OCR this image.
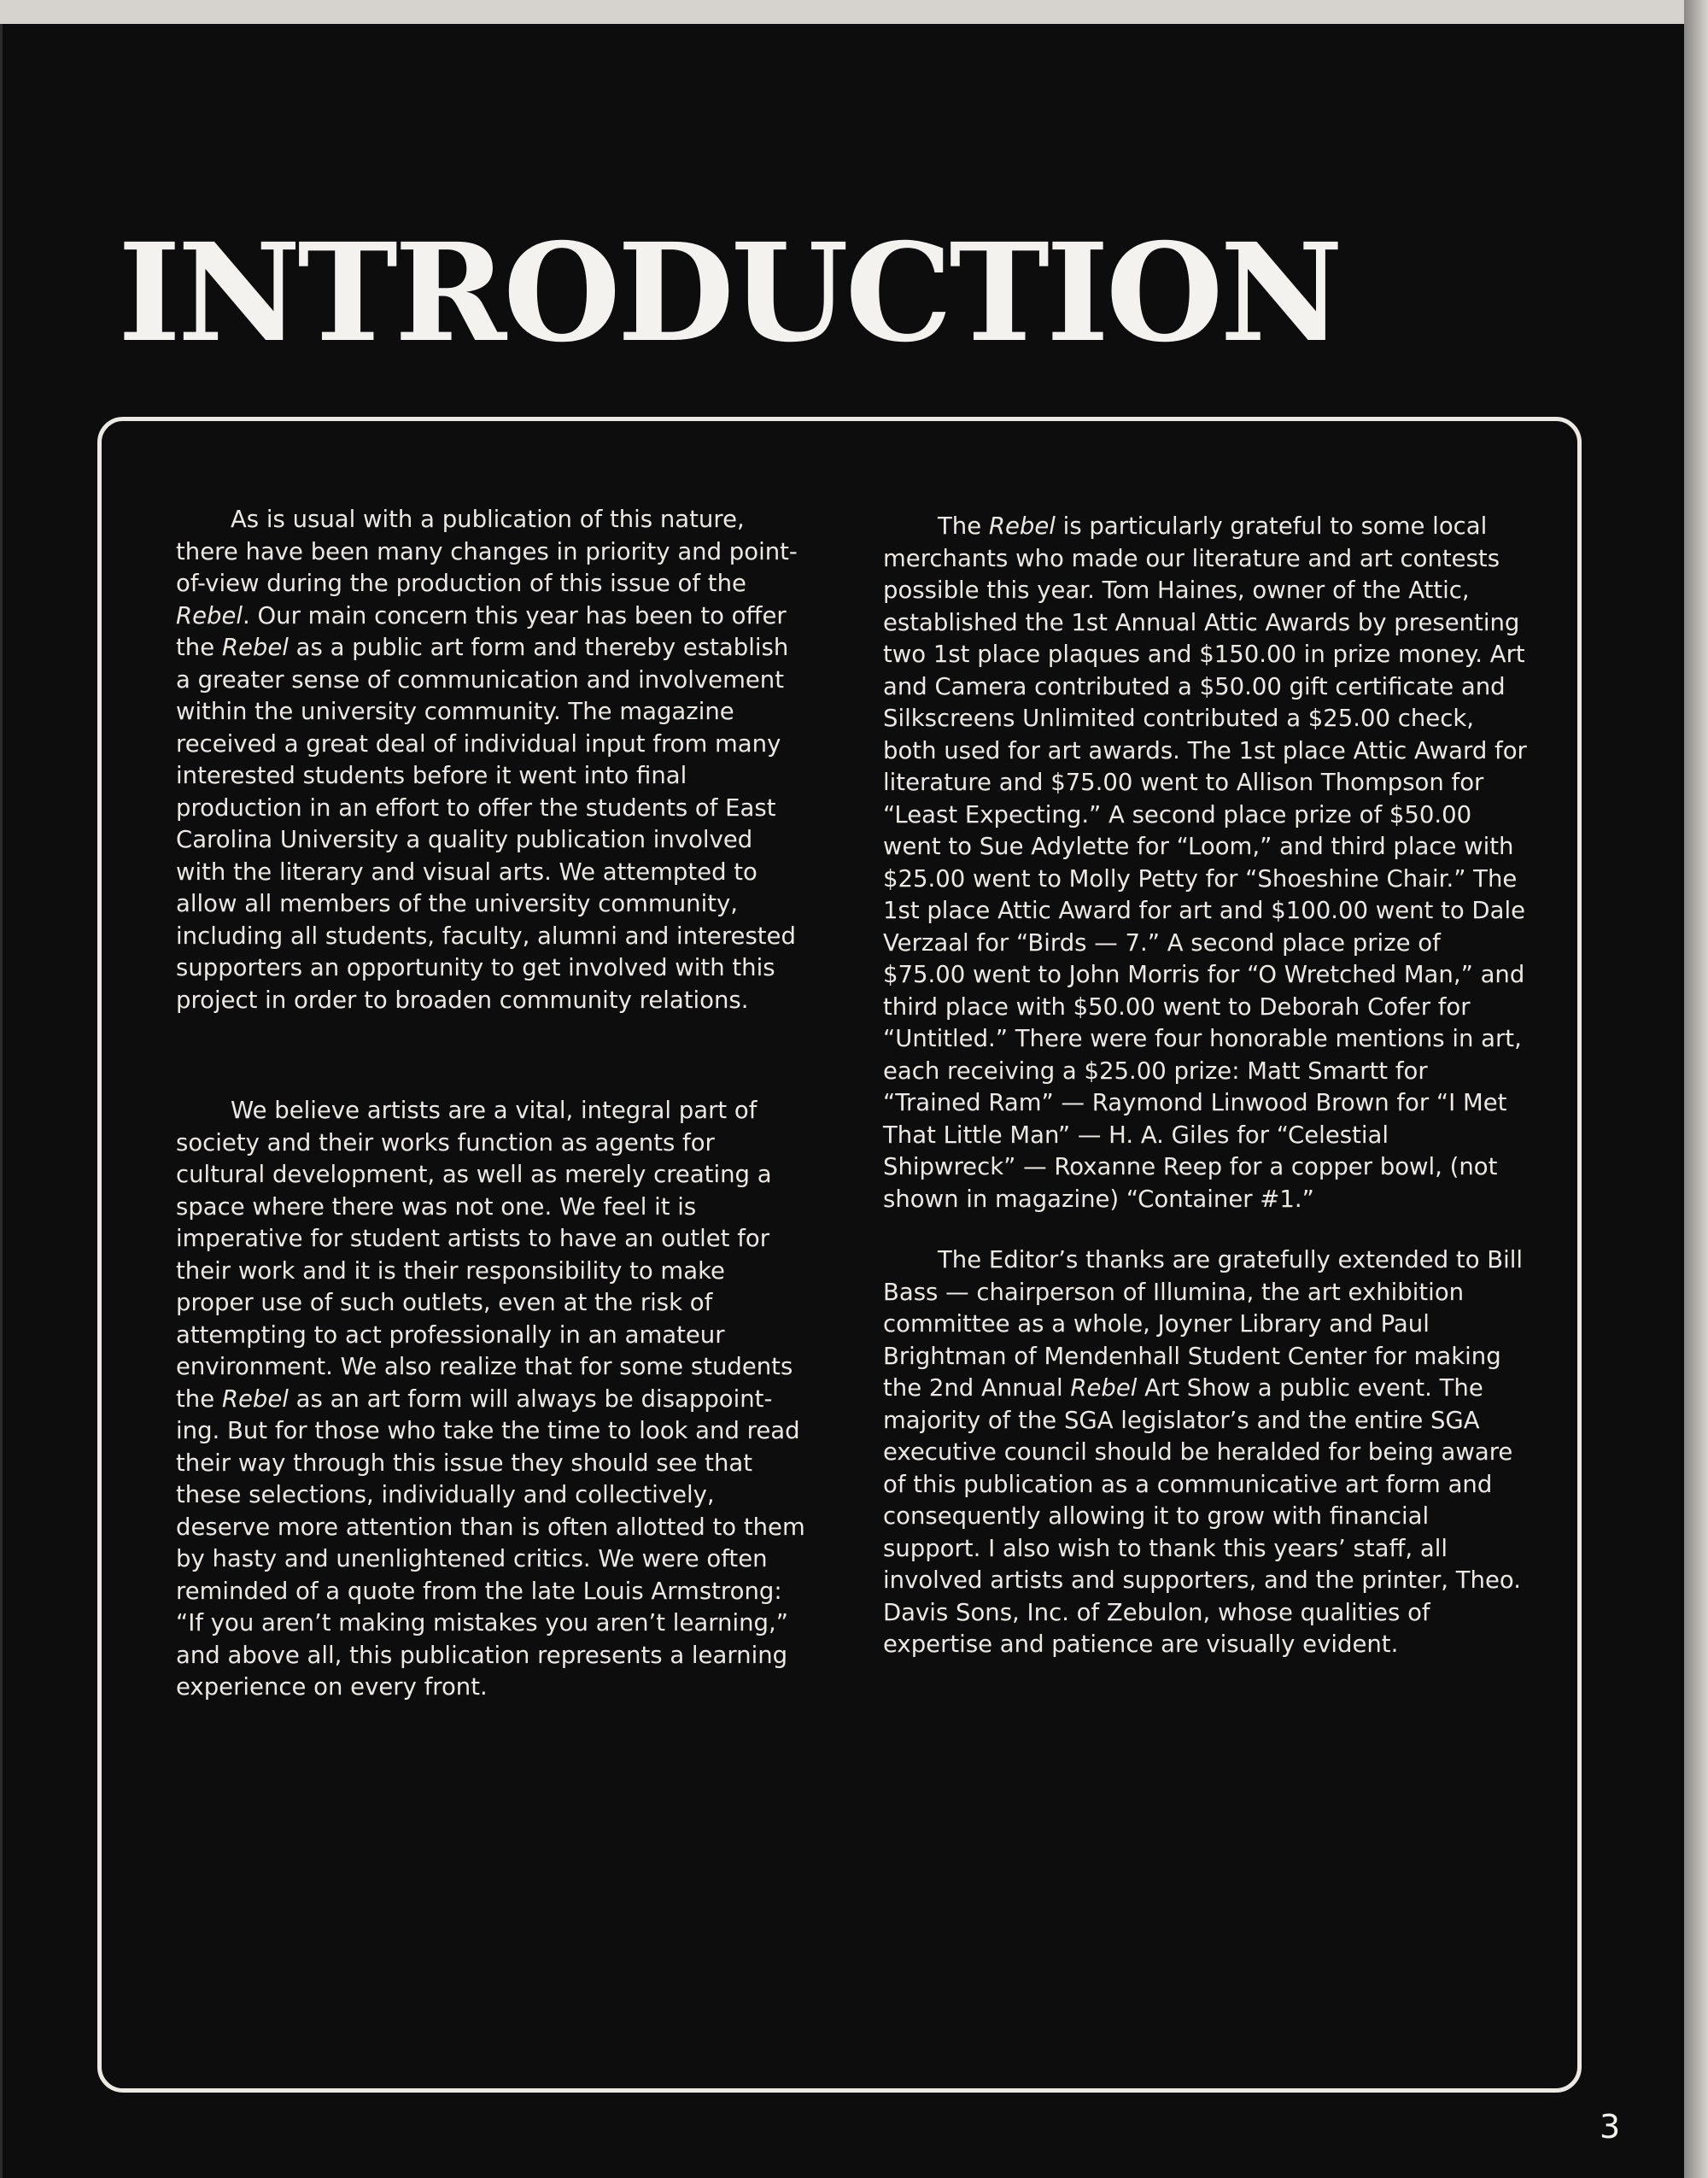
INTRODUCTION

As is usual with a publication of this nature, there have been many changes in priority and point-of-view during the production of this issue of the Rebel. Our main concern this year has been to offer the Rebel as a public art form and thereby establish a greater sense of communication and involvement within the university community. The magazine received a great deal of individual input from many interested students before it went into final production in an effort to offer the students of East Carolina University a quality publication involved with the literary and visual arts. We attempted to allow all members of the university community, including all students, faculty, alumni and interested supporters an opportunity to get involved with this project in order to broaden community relations.

We believe artists are a vital, integral part of society and their works function as agents for cultural development, as well as merely creating a space where there was not one. We feel it is imperative for student artists to have an outlet for their work and it is their responsibility to make proper use of such outlets, even at the risk of attempting to act professionally in an amateur environment. We also realize that for some students the Rebel as an art form will always be disappoint-ing. But for those who take the time to look and read their way through this issue they should see that these selections, individually and collectively, deserve more attention than is often allotted to them by hasty and unenlightened critics. We were often reminded of a quote from the late Louis Armstrong: “If you aren’t making mistakes you aren’t learning,” and above all, this publication represents a learning experience on every front.

The Rebel is particularly grateful to some local merchants who made our literature and art contests possible this year. Tom Haines, owner of the Attic, established the 1st Annual Attic Awards by presenting two 1st place plaques and $150.00 in prize money. Art and Camera contributed a $50.00 gift certificate and Silkscreens Unlimited contributed a $25.00 check, both used for art awards. The 1st place Attic Award for literature and $75.00 went to Allison Thompson for “Least Expecting.” A second place prize of $50.00 went to Sue Adylette for “Loom,” and third place with $25.00 went to Molly Petty for “Shoeshine Chair.” The 1st place Attic Award for art and $100.00 went to Dale Verzaal for “Birds — 7.” A second place prize of $75.00 went to John Morris for “O Wretched Man,” and third place with $50.00 went to Deborah Cofer for “Untitled.” There were four honorable mentions in art, each receiving a $25.00 prize: Matt Smartt for “Trained Ram” — Raymond Linwood Brown for “I Met That Little Man” — H. A. Giles for “Celestial Shipwreck” — Roxanne Reep for a copper bowl, (not shown in magazine) “Container #1.”

The Editor’s thanks are gratefully extended to Bill Bass — chairperson of Illumina, the art exhibition committee as a whole, Joyner Library and Paul Brightman of Mendenhall Student Center for making the 2nd Annual Rebel Art Show a public event. The majority of the SGA legislator’s and the entire SGA executive council should be heralded for being aware of this publication as a communicative art form and consequently allowing it to grow with financial support. I also wish to thank this years’ staff, all involved artists and supporters, and the printer, Theo. Davis Sons, Inc. of Zebulon, whose qualities of expertise and patience are visually evident.

3
